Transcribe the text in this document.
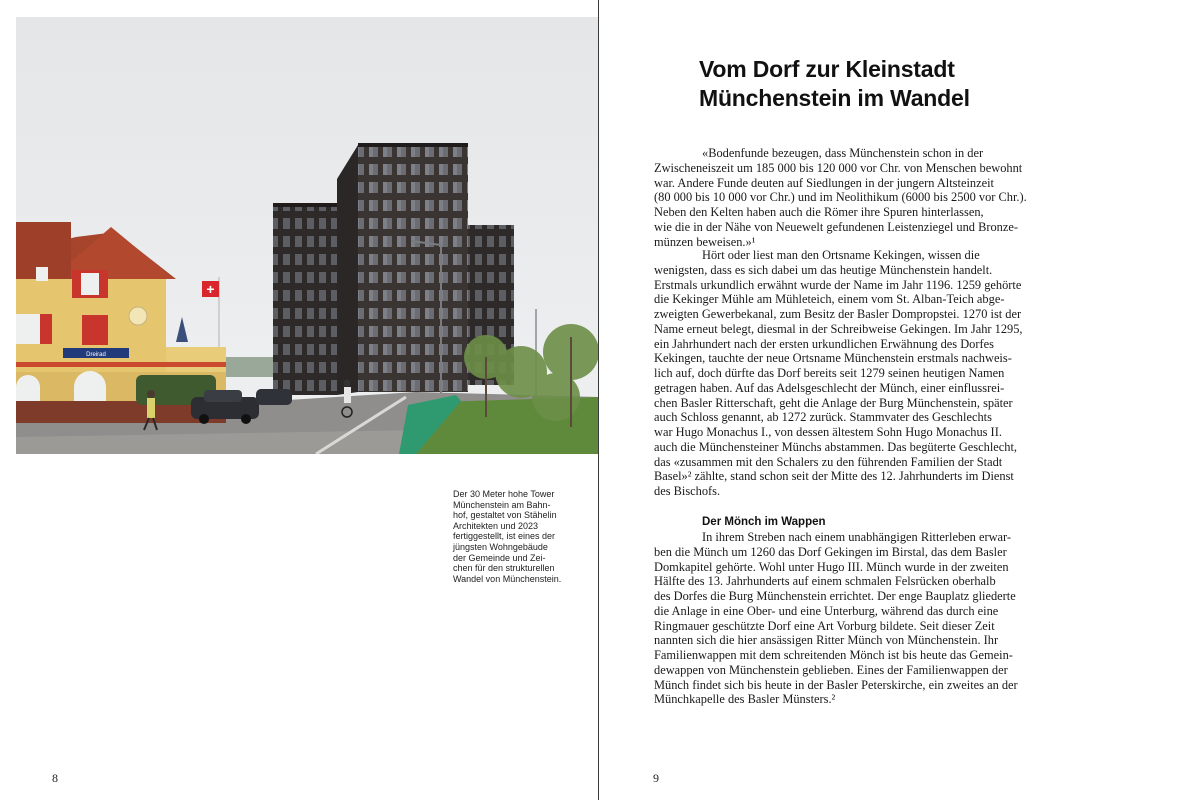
Dreirad
+
Der 30 Meter hohe Tower
Münchenstein am Bahn-
hof, gestaltet von Stähelin
Architekten und 2023
fertiggestellt, ist eines der
jüngsten Wohngebäude
der Gemeinde und Zei-
chen für den strukturellen
Wandel von Münchenstein.
8
Vom Dorf zur Kleinstadt
Münchenstein im Wandel
«Bodenfunde bezeugen, dass Münchenstein schon in der
Zwischeneiszeit um 185 000 bis 120 000 vor Chr. von Menschen bewohnt
war. Andere Funde deuten auf Siedlungen in der jungern Altsteinzeit
(80 000 bis 10 000 vor Chr.) und im Neolithikum (6000 bis 2500 vor Chr.).
Neben den Kelten haben auch die Römer ihre Spuren hinterlassen,
wie die in der Nähe von Neuewelt gefundenen Leistenziegel und Bronze-
münzen beweisen.»¹
Hört oder liest man den Ortsname Kekingen, wissen die
wenigsten, dass es sich dabei um das heutige Münchenstein handelt.
Erstmals urkundlich erwähnt wurde der Name im Jahr 1196. 1259 gehörte
die Kekinger Mühle am Mühleteich, einem vom St. Alban-Teich abge-
zweigten Gewerbekanal, zum Besitz der Basler Dompropstei. 1270 ist der
Name erneut belegt, diesmal in der Schreibweise Gekingen. Im Jahr 1295,
ein Jahrhundert nach der ersten urkundlichen Erwähnung des Dorfes
Kekingen, tauchte der neue Ortsname Münchenstein erstmals nachweis-
lich auf, doch dürfte das Dorf bereits seit 1279 seinen heutigen Namen
getragen haben. Auf das Adelsgeschlecht der Münch, einer einflussrei-
chen Basler Ritterschaft, geht die Anlage der Burg Münchenstein, später
auch Schloss genannt, ab 1272 zurück. Stammvater des Geschlechts
war Hugo Monachus I., von dessen ältestem Sohn Hugo Monachus II.
auch die Münchensteiner Münchs abstammen. Das begüterte Geschlecht,
das «zusammen mit den Schalers zu den führenden Familien der Stadt
Basel»² zählte, stand schon seit der Mitte des 12. Jahrhunderts im Dienst
des Bischofs.
Der Mönch im Wappen
In ihrem Streben nach einem unabhängigen Ritterleben erwar-
ben die Münch um 1260 das Dorf Gekingen im Birstal, das dem Basler
Domkapitel gehörte. Wohl unter Hugo III. Münch wurde in der zweiten
Hälfte des 13. Jahrhunderts auf einem schmalen Felsrücken oberhalb
des Dorfes die Burg Münchenstein errichtet. Der enge Bauplatz gliederte
die Anlage in eine Ober- und eine Unterburg, während das durch eine
Ringmauer geschützte Dorf eine Art Vorburg bildete. Seit dieser Zeit
nannten sich die hier ansässigen Ritter Münch von Münchenstein. Ihr
Familienwappen mit dem schreitenden Mönch ist bis heute das Gemein-
dewappen von Münchenstein geblieben. Eines der Familienwappen der
Münch findet sich bis heute in der Basler Peterskirche, ein zweites an der
Münchkapelle des Basler Münsters.²
9
